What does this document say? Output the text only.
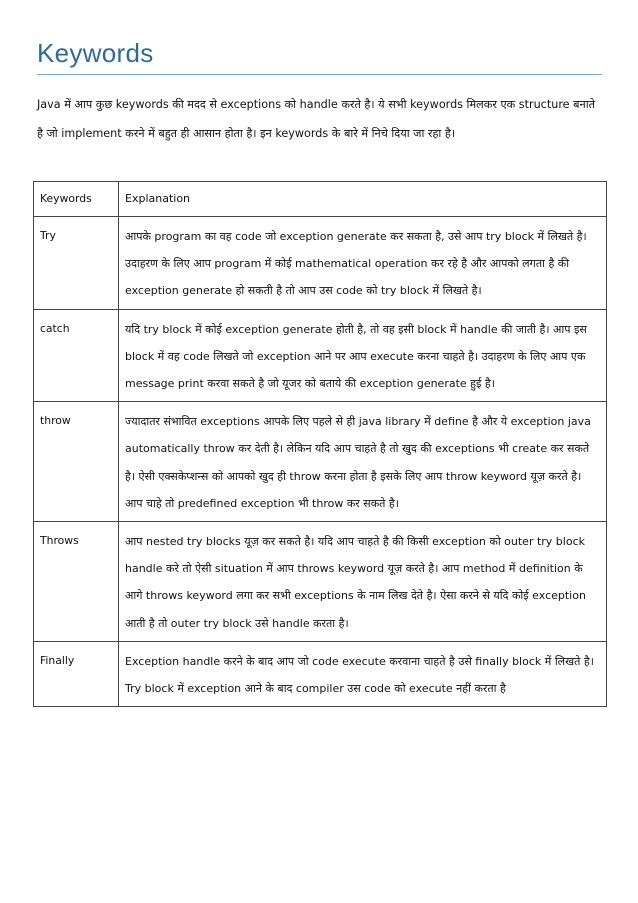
Keywords
Java में आप कुछ keywords की मदद से exceptions को handle करते है। ये सभी keywords मिलकर एक structure बनाते है जो implement करने में बहुत ही आसान होता है। इन keywords के बारे में निचे दिया जा रहा है।
Keywords	Explanation
Try	आपके program का वह code जो exception generate कर सकता है, उसे आप try block में लिखते है। उदाहरण के लिए आप program में कोई mathematical operation कर रहे है और आपको लगता है की exception generate हो सकती है तो आप उस code को try block में लिखते है।
catch	यदि try block में कोई exception generate होती है, तो वह इसी block में handle की जाती है। आप इस block में वह code लिखते जो exception आने पर आप execute करना चाहते है। उदाहरण के लिए आप एक message print करवा सकते है जो यूजर को बताये की exception generate हुई है।
throw	ज्यादातर संभावित exceptions आपके लिए पहले से ही java library में define है और ये exception java automatically throw कर देती है। लेकिन यदि आप चाहते है तो खुद की exceptions भी create कर सकते है। ऐसी एक्सकेप्शन्स को आपको खुद ही throw करना होता है इसके लिए आप throw keyword यूज़ करते है। आप चाहे तो predefined exception भी throw कर सकते है।
Throws	आप nested try blocks यूज़ कर सकते है। यदि आप चाहते है की किसी exception को outer try block handle करे तो ऐसी situation में आप throws keyword यूज़ करते है। आप method में definition के आगे throws keyword लगा कर सभी exceptions के नाम लिख देते है। ऐसा करने से यदि कोई exception आती है तो outer try block उसे handle करता है।
Finally	Exception handle करने के बाद आप जो code execute करवाना चाहते है उसे finally block में लिखते है। Try block में exception आने के बाद compiler उस code को execute नहीं करता है
